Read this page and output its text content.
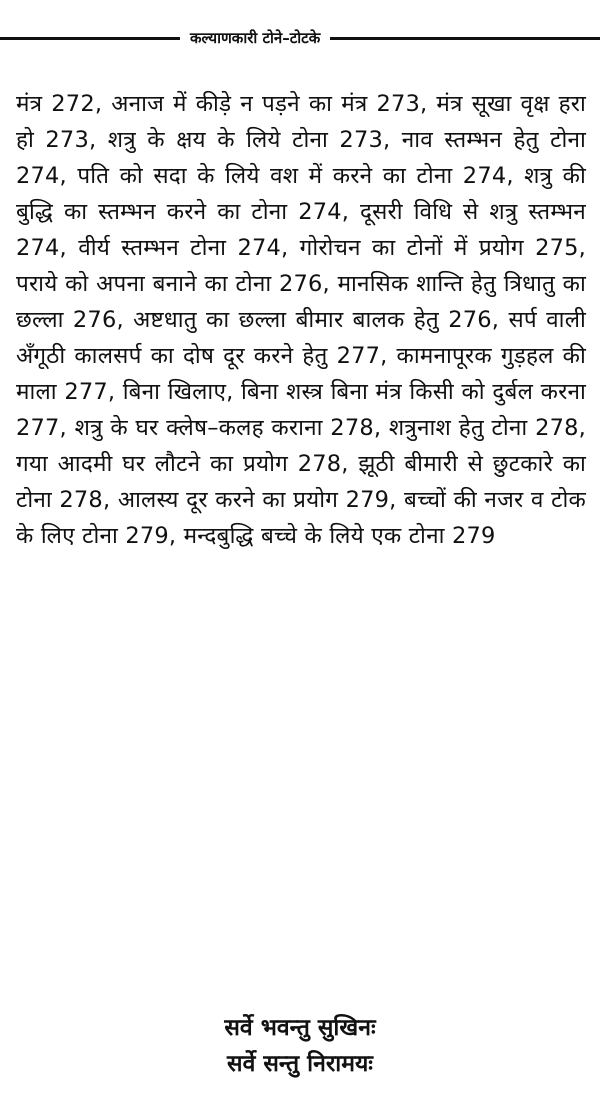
कल्याणकारी टोने–टोटके
मंत्र 272, अनाज में कीड़े न पड़ने का मंत्र 273, मंत्र सूखा वृक्ष हरा हो 273, शत्रु के क्षय के लिये टोना 273, नाव स्तम्भन हेतु टोना 274, पति को सदा के लिये वश में करने का टोना 274, शत्रु की बुद्धि का स्तम्भन करने का टोना 274, दूसरी विधि से शत्रु स्तम्भन 274, वीर्य स्तम्भन टोना 274, गोरोचन का टोनों में प्रयोग 275, पराये को अपना बनाने का टोना 276, मानसिक शान्ति हेतु त्रिधातु का छल्ला 276, अष्टधातु का छल्ला बीमार बालक हेतु 276, सर्प वाली अँगूठी कालसर्प का दोष दूर करने हेतु 277, कामनापूरक गुड़हल की माला 277, बिना खिलाए, बिना शस्त्र बिना मंत्र किसी को दुर्बल करना 277, शत्रु के घर क्लेष–कलह कराना 278, शत्रुनाश हेतु टोना 278, गया आदमी घर लौटने का प्रयोग 278, झूठी बीमारी से छुटकारे का टोना 278, आलस्य दूर करने का प्रयोग 279, बच्चों की नजर व टोक के लिए टोना 279, मन्दबुद्धि बच्चे के लिये एक टोना 279
सर्वे भवन्तु सुखिनः
सर्वे सन्तु निरामयः
